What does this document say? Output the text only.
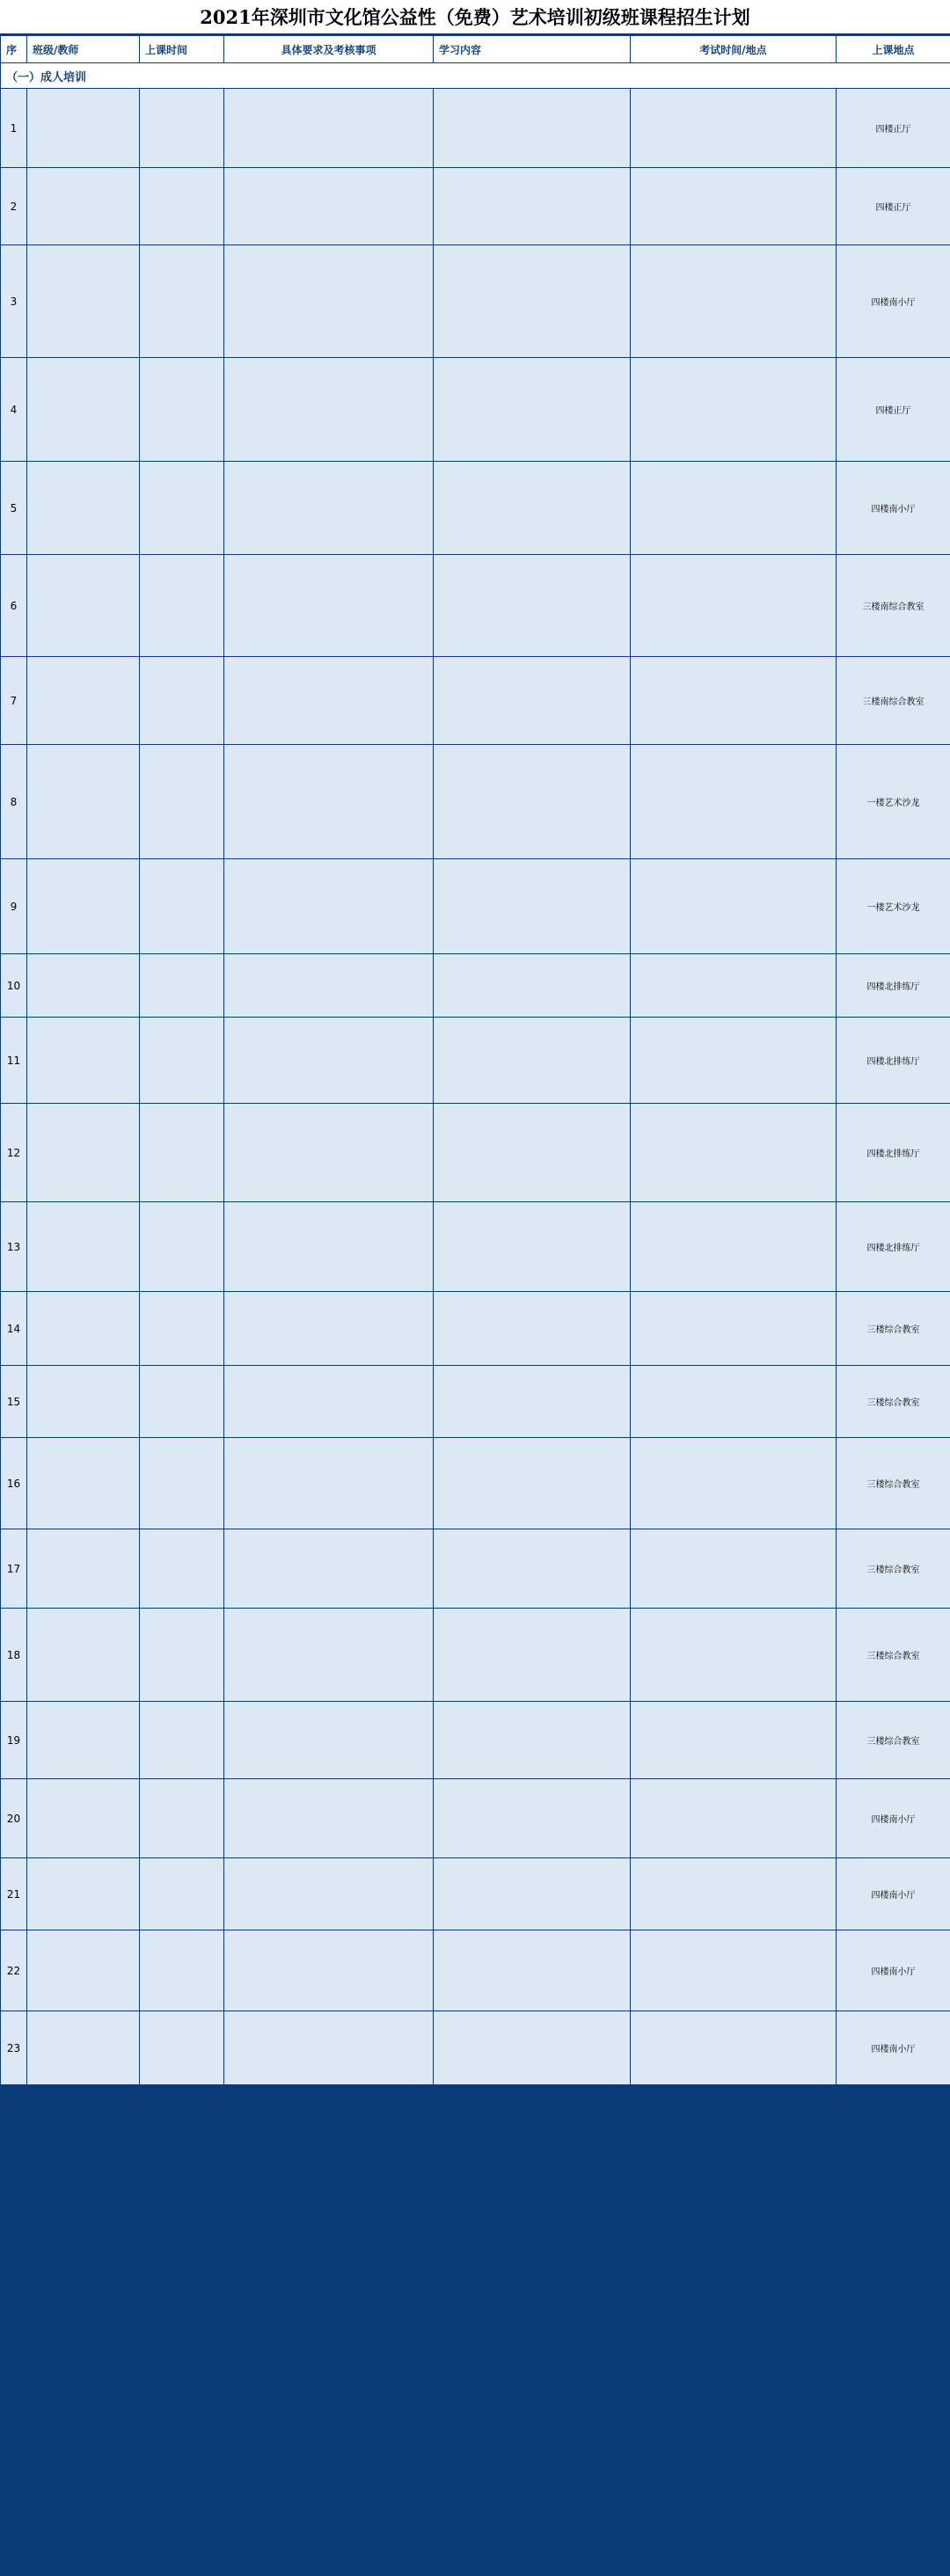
2021年深圳市文化馆公益性（免费）艺术培训初级班课程招生计划
序	班级/教师	上课时间	具体要求及考核事项	学习内容	考试时间/地点	上课地点
（一）成人培训						
1						四楼正厅
2						四楼正厅
3						四楼南小厅
4						四楼正厅
5						四楼南小厅
6						三楼南综合教室
7						三楼南综合教室
8						一楼艺术沙龙
9						一楼艺术沙龙
10						四楼北排练厅
11						四楼北排练厅
12						四楼北排练厅
13						四楼北排练厅
14						三楼综合教室
15						三楼综合教室
16						三楼综合教室
17						三楼综合教室
18						三楼综合教室
19						三楼综合教室
20						四楼南小厅
21						四楼南小厅
22						四楼南小厅
23						四楼南小厅
